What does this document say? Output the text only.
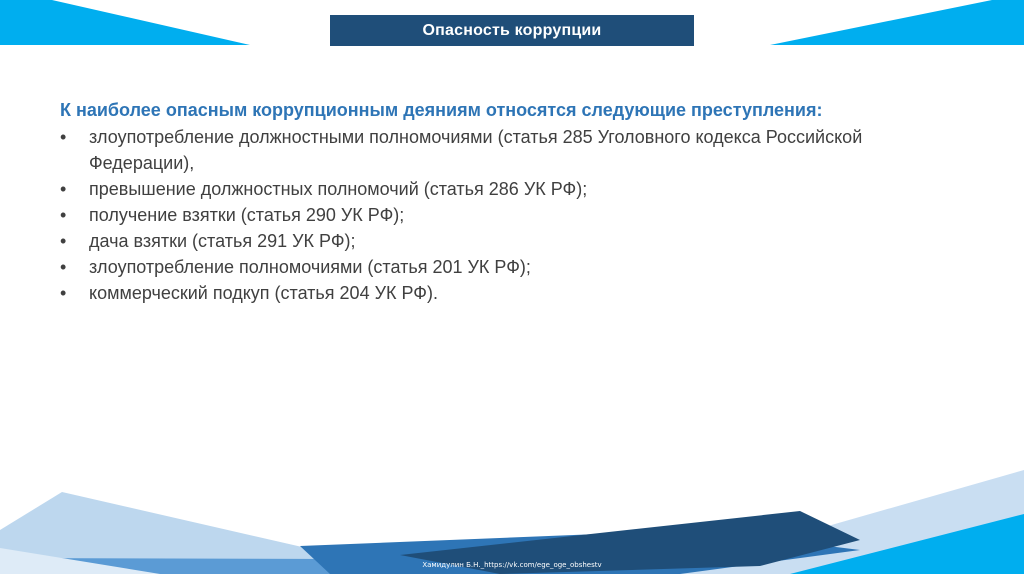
Опасность коррупции
К наиболее опасным коррупционным деяниям относятся следующие преступления:
• злоупотребление должностными полномочиями (статья 285 Уголовного кодекса Российской Федерации),
• превышение должностных полномочий (статья 286 УК РФ);
• получение взятки (статья 290 УК РФ);
• дача взятки (статья 291 УК РФ);
• злоупотребление полномочиями (статья 201 УК РФ);
• коммерческий подкуп (статья 204 УК РФ).
Хамидулин Б.Н._https://vk.com/ege_oge_obshestv
